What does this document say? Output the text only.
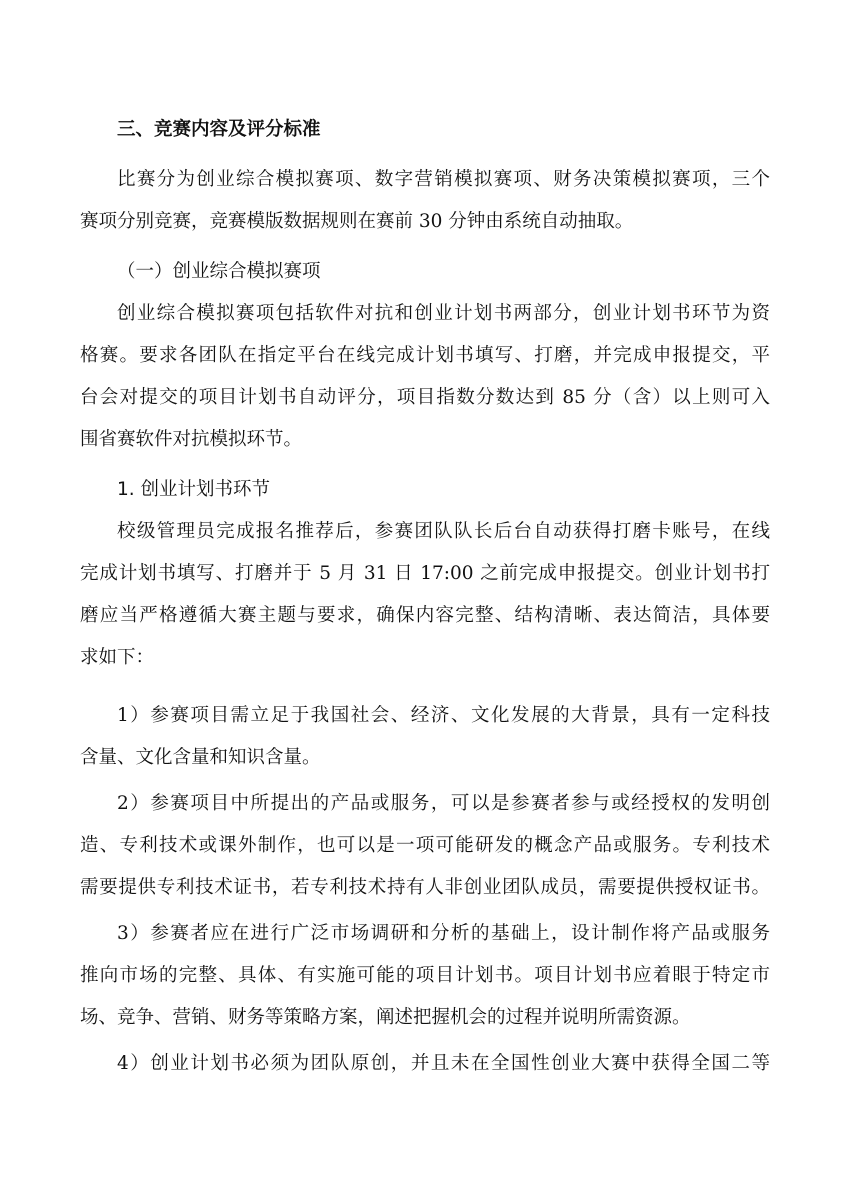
三、竞赛内容及评分标准
比赛分为创业综合模拟赛项、数字营销模拟赛项、财务决策模拟赛项，三个
赛项分别竞赛，竞赛模版数据规则在赛前 30 分钟由系统自动抽取。
（一）创业综合模拟赛项
创业综合模拟赛项包括软件对抗和创业计划书两部分，创业计划书环节为资
格赛。要求各团队在指定平台在线完成计划书填写、打磨，并完成申报提交，平
台会对提交的项目计划书自动评分，项目指数分数达到 85 分（含）以上则可入
围省赛软件对抗模拟环节。
1. 创业计划书环节
校级管理员完成报名推荐后，参赛团队队长后台自动获得打磨卡账号，在线
完成计划书填写、打磨并于 5 月 31 日 17:00 之前完成申报提交。创业计划书打
磨应当严格遵循大赛主题与要求，确保内容完整、结构清晰、表达简洁，具体要
求如下：
1）参赛项目需立足于我国社会、经济、文化发展的大背景，具有一定科技
含量、文化含量和知识含量。
2）参赛项目中所提出的产品或服务，可以是参赛者参与或经授权的发明创
造、专利技术或课外制作，也可以是一项可能研发的概念产品或服务。专利技术
需要提供专利技术证书，若专利技术持有人非创业团队成员，需要提供授权证书。
3）参赛者应在进行广泛市场调研和分析的基础上，设计制作将产品或服务
推向市场的完整、具体、有实施可能的项目计划书。项目计划书应着眼于特定市
场、竞争、营销、财务等策略方案，阐述把握机会的过程并说明所需资源。
4）创业计划书必须为团队原创，并且未在全国性创业大赛中获得全国二等
